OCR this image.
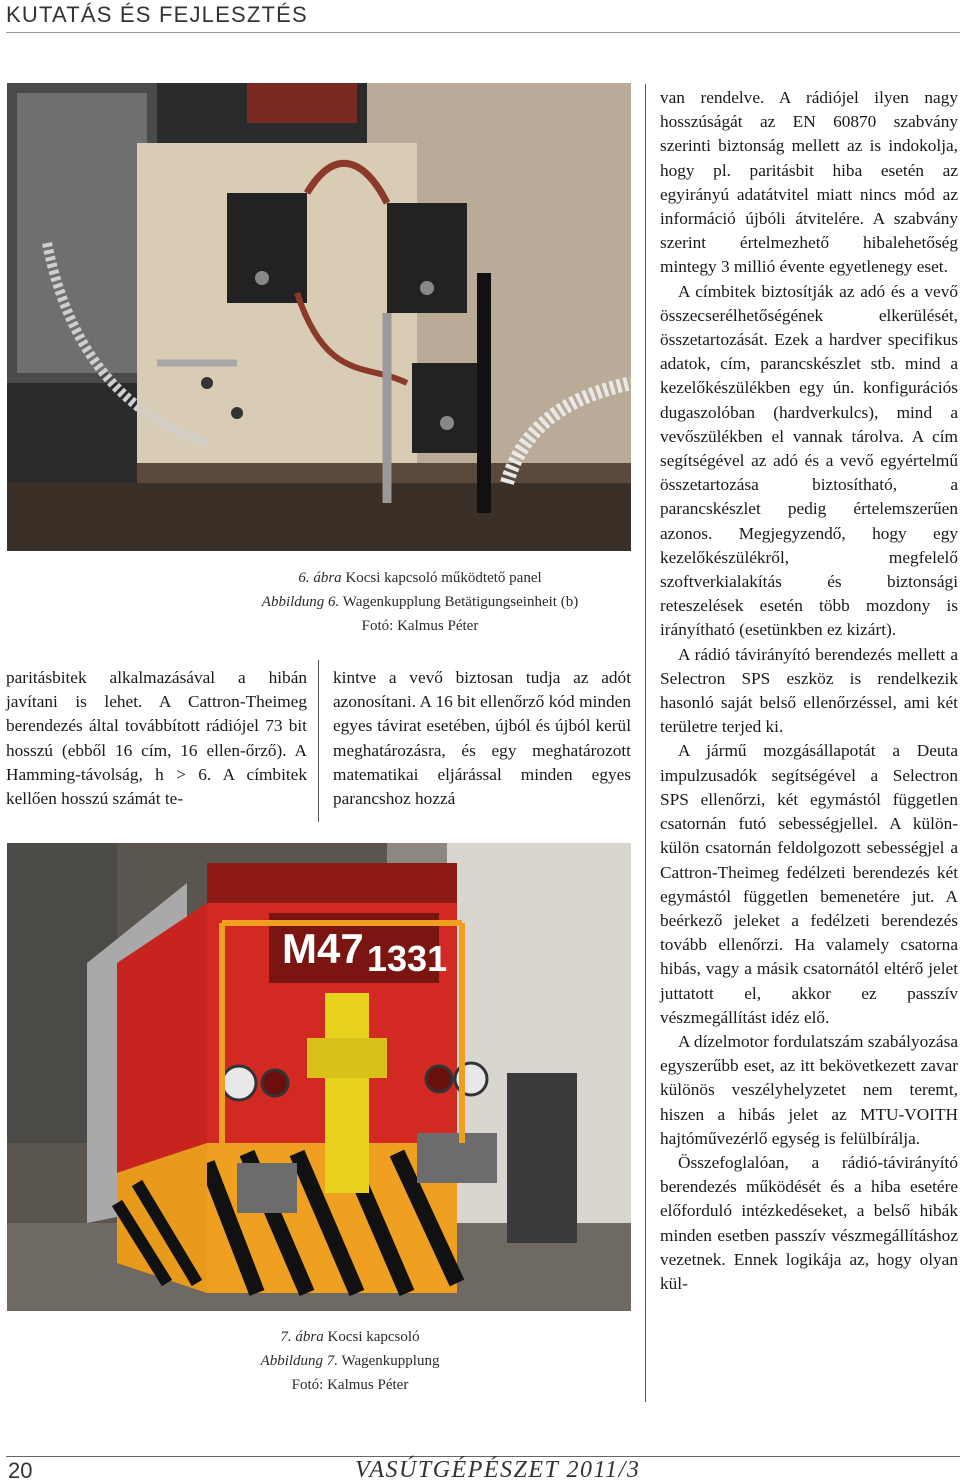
KUTATÁS ÉS FEJLESZTÉS
6. ábra Kocsi kapcsoló működtető panel
Abbildung 6. Wagenkupplung Betätigungseinheit (b)
Fotó: Kalmus Péter

paritásbitek alkalmazásával a hibán javítani is lehet. A Cattron-Theimeg berendezés által továbbított rádiójel 73 bit hosszú (ebből 16 cím, 16 ellen-őrző). A Hamming-távolság, h > 6. A címbitek kellően hosszú számát te-

kintve a vevő biztosan tudja az adót azonosítani. A 16 bit ellenőrző kód minden egyes távirat esetében, újból és újból kerül meghatározásra, és egy meghatározott matematikai eljárással minden egyes parancshoz hozzá

van rendelve. A rádiójel ilyen nagy hosszúságát az EN 60870 szabvány szerinti biztonság mellett az is indokolja, hogy pl. paritásbit hiba esetén az egyirányú adatátvitel miatt nincs mód az információ újbóli átvitelére. A szabvány szerint értelmezhető hibalehetőség mintegy 3 millió évente egyetlenegy eset.

A címbitek biztosítják az adó és a vevő összecserélhetőségének elkerülését, összetartozását. Ezek a hardver specifikus adatok, cím, parancskészlet stb. mind a kezelőkészülékben egy ún. konfigurációs dugaszolóban (hardverkulcs), mind a vevőszülékben el vannak tárolva. A cím segítségével az adó és a vevő egyértelmű összetartozása biztosítható, a parancskészlet pedig értelemszerűen azonos. Megjegyzendő, hogy egy kezelőkészülékről, megfelelő szoftverkialakítás és biztonsági reteszelések esetén több mozdony is irányítható (esetünkben ez kizárt).

A rádió távirányító berendezés mellett a Selectron SPS eszköz is rendelkezik hasonló saját belső ellenőrzéssel, ami két területre terjed ki.

A jármű mozgásállapotát a Deuta impulzusadók segítségével a Selectron SPS ellenőrzi, két egymástól független csatornán futó sebességjellel. A külön-külön csatornán feldolgozott sebességjel a Cattron-Theimeg fedélzeti berendezés két egymástól független bemenetére jut. A beérkező jeleket a fedélzeti berendezés tovább ellenőrzi. Ha valamely csatorna hibás, vagy a másik csatornától eltérő jelet juttatott el, akkor ez passzív vészmegállítást idéz elő.

A dízelmotor fordulatszám szabályozása egyszerűbb eset, az itt bekövetkezett zavar különös veszélyhelyzetet nem teremt, hiszen a hibás jelet az MTU-VOITH hajtóművezérlő egység is felülbírálja.

Összefoglalóan, a rádió-távirányító berendezés működését és a hiba esetére előforduló intézkedéseket, a belső hibák minden esetben passzív vészmegállításhoz vezetnek. Ennek logikája az, hogy olyan kül-

M47 1331
7. ábra Kocsi kapcsoló
Abbildung 7. Wagenkupplung
Fotó: Kalmus Péter
20	VASÚTGÉPÉSZET 2011/3
